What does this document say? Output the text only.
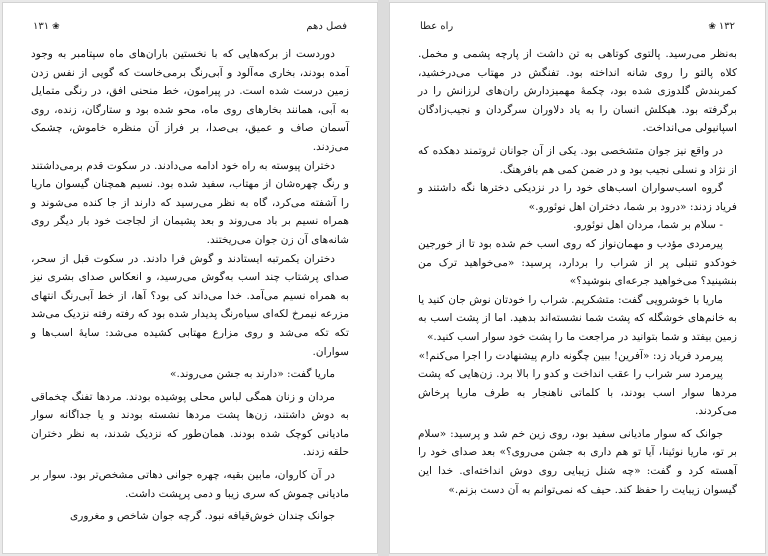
۱۳۱ ❀	فصل دهم

دوردست از برکه‌هایی که با نخستین باران‌های ماه سپتامبر به وجود آمده بودند، بخاری مه‌آلود و آبی‌رنگ برمی‌خاست که گویی از نفس زدن زمین درست شده است. در پیرامون، خط منحنی افق، در رنگی متمایل به آبی، همانند بخارهای روی ماه، محو شده بود و ستارگان، زنده، روی آسمان صاف و عمیق، بی‌صدا، بر فراز آن منظره خاموش، چشمک می‌زدند.

دختران پیوسته به راه خود ادامه می‌دادند. در سکوت قدم برمی‌داشتند و رنگ چهره‌شان از مهتاب، سفید شده بود. نسیم همچنان گیسوان ماریا را آشفته می‌کرد، گاه به نظر می‌رسید که دارند از جا کنده می‌شوند و همراه نسیم بر باد می‌روند و بعد پشیمان از لجاجت خود بار دیگر روی شانه‌های آن زن جوان می‌ریختند.

دختران یکمرتبه ایستادند و گوش فرا دادند. در سکوت قبل از سحر، صدای پرشتاب چند اسب به‌گوش می‌رسید، و انعکاس صدای بشری نیز به همراه نسیم می‌آمد. خدا می‌داند کی بود؟ آها، از خط آبی‌رنگ انتهای مزرعه نیمرخ لکه‌ای سیاه‌رنگ پدیدار شده بود که رفته رفته نزدیک می‌شد تکه تکه می‌شد و روی مزارع مهتابی کشیده می‌شد: سایهٔ اسب‌ها و سواران.

ماریا گفت: «دارند به جشن می‌روند.»

مردان و زنان همگی لباس محلی پوشیده بودند. مردها تفنگ چخماقی به دوش داشتند، زن‌ها پشت مردها نشسته بودند و یا جداگانه سوار مادیانی کوچک شده بودند. همان‌طور که نزدیک شدند، به نظر دختران حلقه زدند.

در آن کاروان، مابین بقیه، چهره جوانی دهاتی مشخص‌تر بود. سوار بر مادیانی چموش که سری زیبا و دمی پرپشت داشت.

جوانک چندان خوش‌قیافه نبود. گرچه جوان شاخص و مغروری

راه عطا	❀ ۱۳۲

به‌نظر می‌رسید. پالتوی کوتاهی به تن داشت از پارچه پشمی و مخمل. کلاه پالتو را روی شانه انداخته بود. تفنگش در مهتاب می‌درخشید، کمربندش گلدوزی شده بود، چکمهٔ مهمیزدارش ران‌های لرزانش را در برگرفته بود. هیکلش انسان را به یاد دلاوران سرگردان و نجیب‌زادگان اسپانیولی می‌انداخت.

در واقع نیز جوان متشخصی بود. یکی از آن جوانان ثروتمند دهکده که از نژاد و نسلی نجیب بود و در ضمن کمی هم بافرهنگ.

گروه اسب‌سواران اسب‌های خود را در نزدیکی دختر‌ها نگه داشتند و فریاد زدند: «درود بر شما، دختران اهل نوئورو.»

- سلام بر شما، مردان اهل نوئورو.

پیرمردی مؤدب و مهمان‌نواز که روی اسب خم شده بود تا از خورجین خودکدو تنبلی پر از شراب را بردارد، پرسید: «می‌خواهید ترک من بنشینید؟ می‌خواهید جرعه‌ای بنوشید؟»

ماریا با خوشرویی گفت: متشکریم. شراب را خودتان نوش جان کنید یا به خانم‌های خوشگله که پشت شما نشسته‌اند بدهید. اما از پشت اسب به زمین بیفتد و شما بتوانید در مراجعت ما را پشت خود سوار اسب کنید.»

پیرمرد فریاد زد: «آفرین! ببین چگونه دارم پیشنهادت را اجرا می‌کنم!»

پیرمرد سر شراب را عقب انداخت و کدو را بالا برد. زن‌هایی که پشت مردها سوار اسب بودند، با کلماتی ناهنجار به طرف ماریا پرخاش می‌کردند.

جوانک که سوار مادیانی سفید بود، روی زین خم شد و پرسید: «سلام بر تو، ماریا نوئینا، آیا تو هم داری به جشن می‌روی؟» بعد صدای خود را آهسته کرد و گفت: «چه شنل زیبایی روی دوش انداخته‌ای. خدا این گیسوان زیبایت را حفظ کند. حیف که نمی‌توانم به آن دست بزنم.»
